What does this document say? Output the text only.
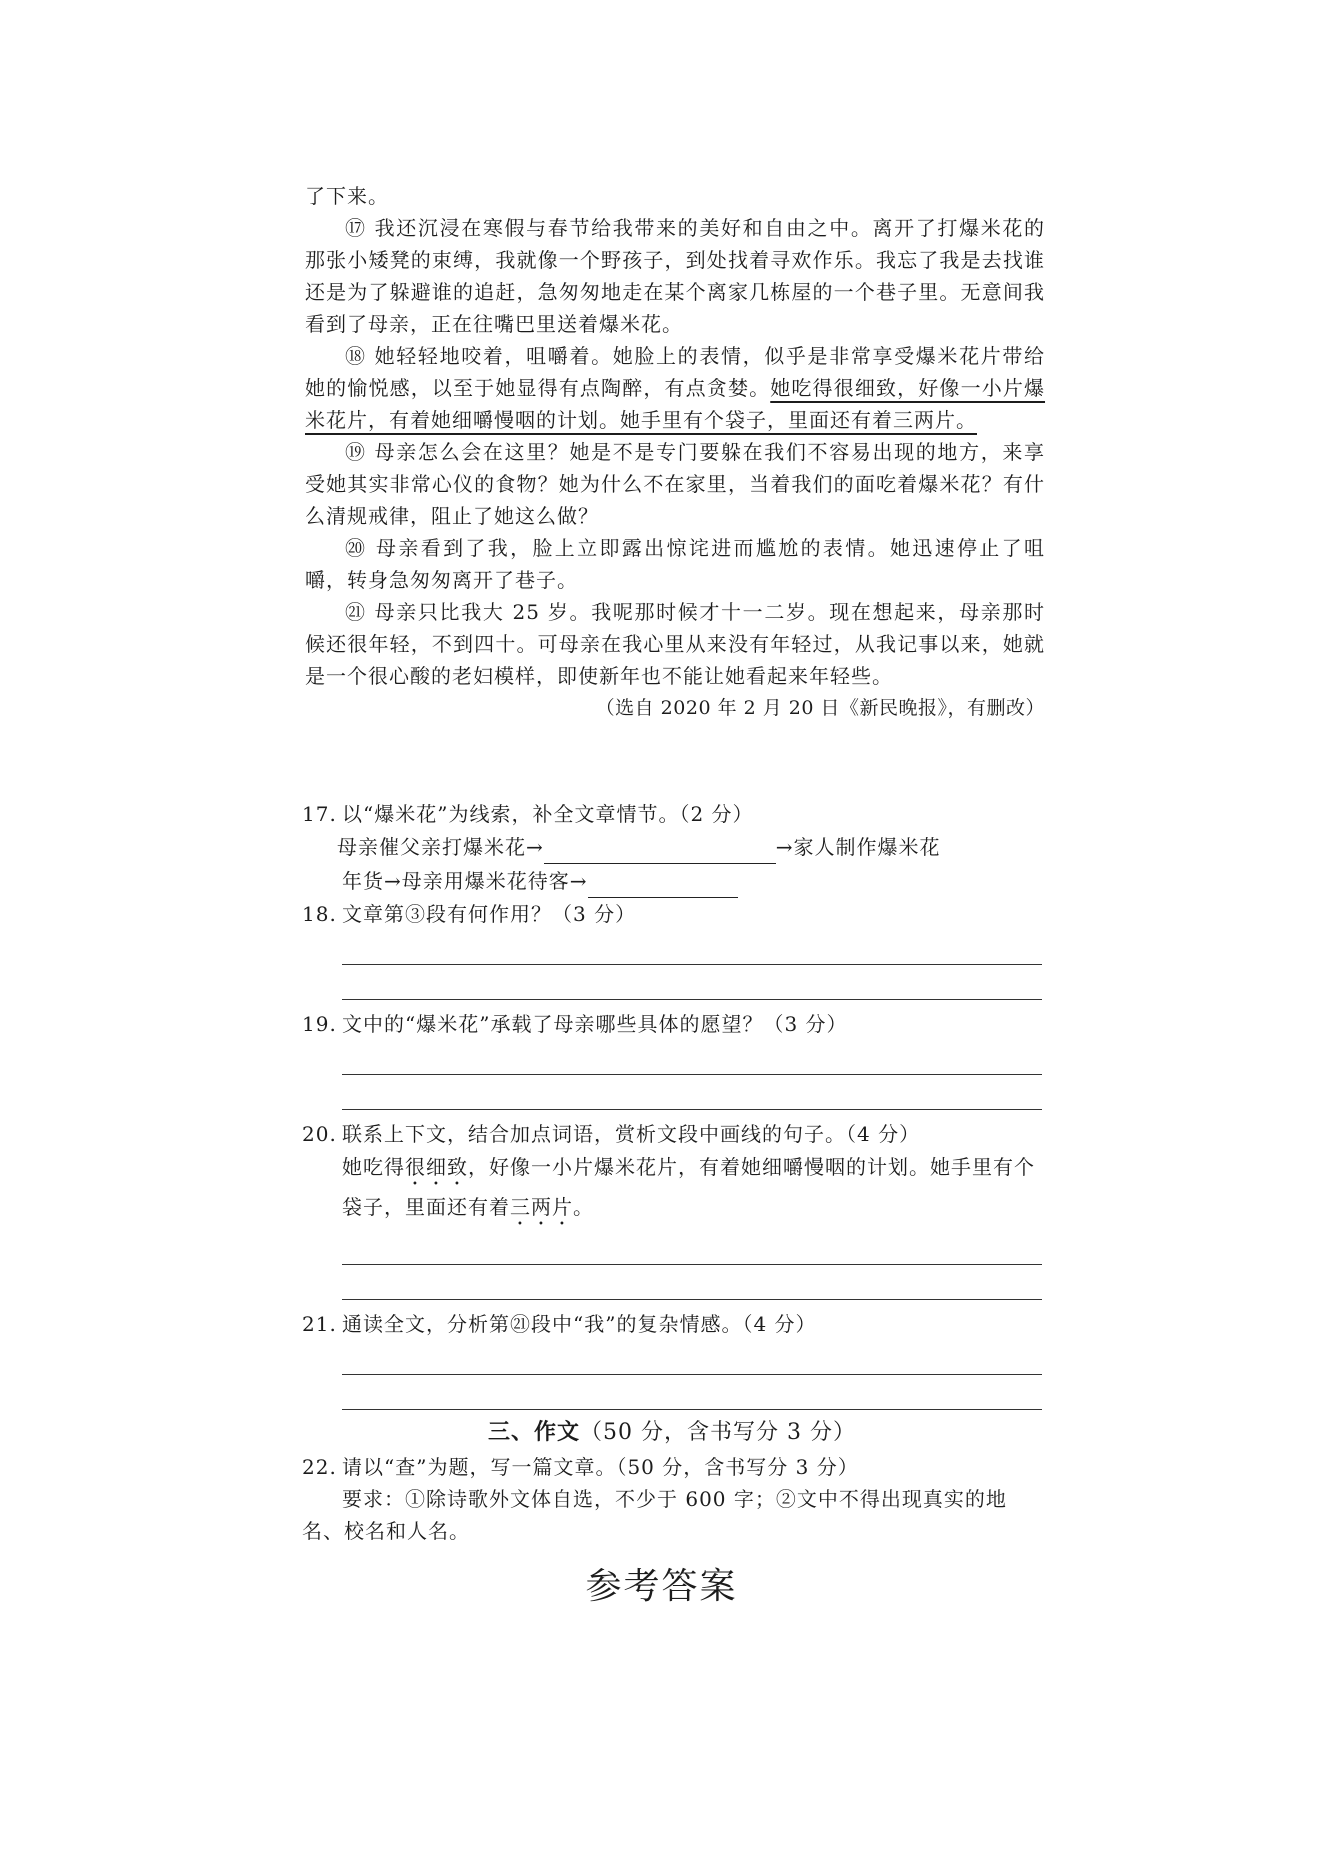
了下来。

⑰ 我还沉浸在寒假与春节给我带来的美好和自由之中。离开了打爆米花的那张小矮凳的束缚，我就像一个野孩子，到处找着寻欢作乐。我忘了我是去找谁还是为了躲避谁的追赶，急匆匆地走在某个离家几栋屋的一个巷子里。无意间我看到了母亲，正在往嘴巴里送着爆米花。

⑱ 她轻轻地咬着，咀嚼着。她脸上的表情，似乎是非常享受爆米花片带给她的愉悦感，以至于她显得有点陶醉，有点贪婪。她吃得很细致，好像一小片爆米花片，有着她细嚼慢咽的计划。她手里有个袋子，里面还有着三两片。

⑲ 母亲怎么会在这里？她是不是专门要躲在我们不容易出现的地方，来享受她其实非常心仪的食物？她为什么不在家里，当着我们的面吃着爆米花？有什么清规戒律，阻止了她这么做？

⑳ 母亲看到了我，脸上立即露出惊诧进而尴尬的表情。她迅速停止了咀嚼，转身急匆匆离开了巷子。

㉑ 母亲只比我大 25 岁。我呢那时候才十一二岁。现在想起来，母亲那时候还很年轻，不到四十。可母亲在我心里从来没有年轻过，从我记事以来，她就是一个很心酸的老妇模样，即使新年也不能让她看起来年轻些。

（选自 2020 年 2 月 20 日《新民晚报》，有删改）

17. 以“爆米花”为线索，补全文章情节。（2 分）

母亲催父亲打爆米花→	→家人制作爆米花
年货→母亲用爆米花待客→

18. 文章第③段有何作用？（3 分）

19. 文中的“爆米花”承载了母亲哪些具体的愿望？（3 分）

20. 联系上下文，结合加点词语，赏析文段中画线的句子。（4 分）

她吃得很细致，好像一小片爆米花片，有着她细嚼慢咽的计划。她手里有个袋子，里面还有着三两片。

21. 通读全文，分析第㉑段中“我”的复杂情感。（4 分）

三、作文（50 分，含书写分 3 分）

22. 请以“查”为题，写一篇文章。（50 分，含书写分 3 分）

要求：①除诗歌外文体自选，不少于 600 字；②文中不得出现真实的地名、校名和人名。

参考答案
